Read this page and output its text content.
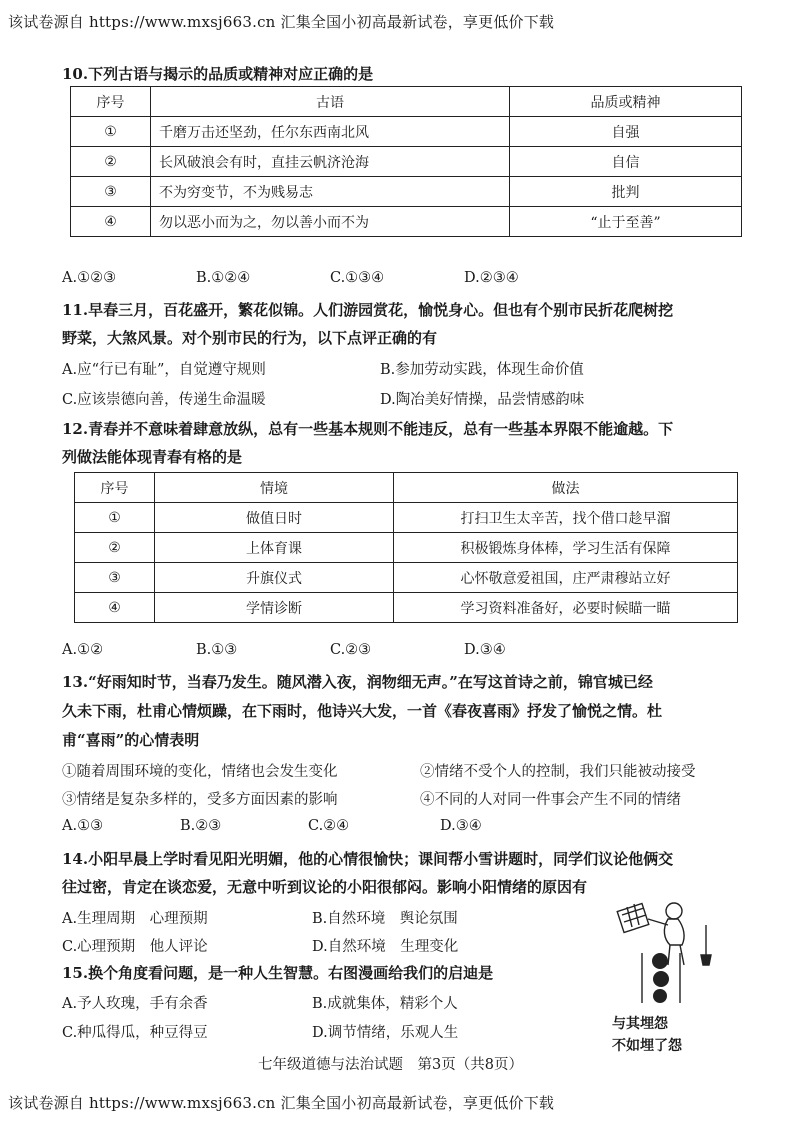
该试卷源自 https://www.mxsj663.cn 汇集全国小初高最新试卷，享更低价下载
10.下列古语与揭示的品质或精神对应正确的是
序号	古语	品质或精神
①	千磨万击还坚劲，任尔东西南北风	自强
②	长风破浪会有时，直挂云帆济沧海	自信
③	不为穷变节，不为贱易志	批判
④	勿以恶小而为之，勿以善小而不为	“止于至善”
A.①②③	B.①②④	C.①③④	D.②③④
11.早春三月，百花盛开，繁花似锦。人们游园赏花，愉悦身心。但也有个别市民折花爬树挖
野菜，大煞风景。对个别市民的行为，以下点评正确的有
A.应“行已有耻”，自觉遵守规则	B.参加劳动实践，体现生命价值
C.应该崇德向善，传递生命温暖	D.陶冶美好情操，品尝情感韵味
12.青春并不意味着肆意放纵，总有一些基本规则不能违反，总有一些基本界限不能逾越。下
列做法能体现青春有格的是
序号	情境	做法
①	做值日时	打扫卫生太辛苦，找个借口趁早溜
②	上体育课	积极锻炼身体棒，学习生活有保障
③	升旗仪式	心怀敬意爱祖国，庄严肃穆站立好
④	学情诊断	学习资料准备好，必要时候瞄一瞄
A.①②	B.①③	C.②③	D.③④
13.“好雨知时节，当春乃发生。随风潜入夜，润物细无声。”在写这首诗之前，锦官城已经
久未下雨，杜甫心情烦躁，在下雨时，他诗兴大发，一首《春夜喜雨》抒发了愉悦之情。杜
甫“喜雨”的心情表明
①随着周围环境的变化，情绪也会发生变化	②情绪不受个人的控制，我们只能被动接受
③情绪是复杂多样的，受多方面因素的影响	④不同的人对同一件事会产生不同的情绪
A.①③	B.②③	C.②④	D.③④
14.小阳早晨上学时看见阳光明媚，他的心情很愉快；课间帮小雪讲题时，同学们议论他俩交
往过密，肯定在谈恋爱，无意中听到议论的小阳很郁闷。影响小阳情绪的原因有
A.生理周期　心理预期	B.自然环境　舆论氛围
C.心理预期　他人评论	D.自然环境　生理变化
15.换个角度看问题，是一种人生智慧。右图漫画给我们的启迪是
A.予人玫瑰，手有余香	B.成就集体，精彩个人
C.种瓜得瓜，种豆得豆	D.调节情绪，乐观人生
与其埋怨
不如埋了怨
七年级道德与法治试题　第3页（共8页）
该试卷源自 https://www.mxsj663.cn 汇集全国小初高最新试卷，享更低价下载
